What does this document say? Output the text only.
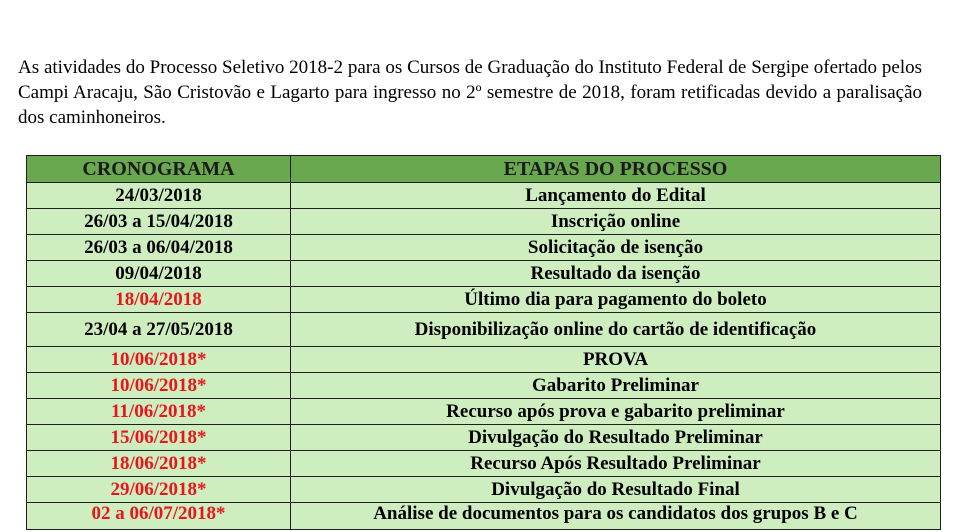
As atividades do Processo Seletivo 2018-2 para os Cursos de Graduação do Instituto Federal de Sergipe ofertado pelos Campi Aracaju, São Cristovão e Lagarto para ingresso no 2º semestre de 2018, foram retificadas devido a paralisação dos caminhoneiros.

CRONOGRAMA	ETAPAS DO PROCESSO
24/03/2018	Lançamento do Edital
26/03 a 15/04/2018	Inscrição online
26/03 a 06/04/2018	Solicitação de isenção
09/04/2018	Resultado da isenção
18/04/2018	Último dia para pagamento do boleto
23/04 a 27/05/2018	Disponibilização online do cartão de identificação
10/06/2018*	PROVA
10/06/2018*	Gabarito Preliminar
11/06/2018*	Recurso após prova e gabarito preliminar
15/06/2018*	Divulgação do Resultado Preliminar
18/06/2018*	Recurso Após Resultado Preliminar
29/06/2018*	Divulgação do Resultado Final
02 a 06/07/2018*	Análise de documentos para os candidatos dos grupos B e C
